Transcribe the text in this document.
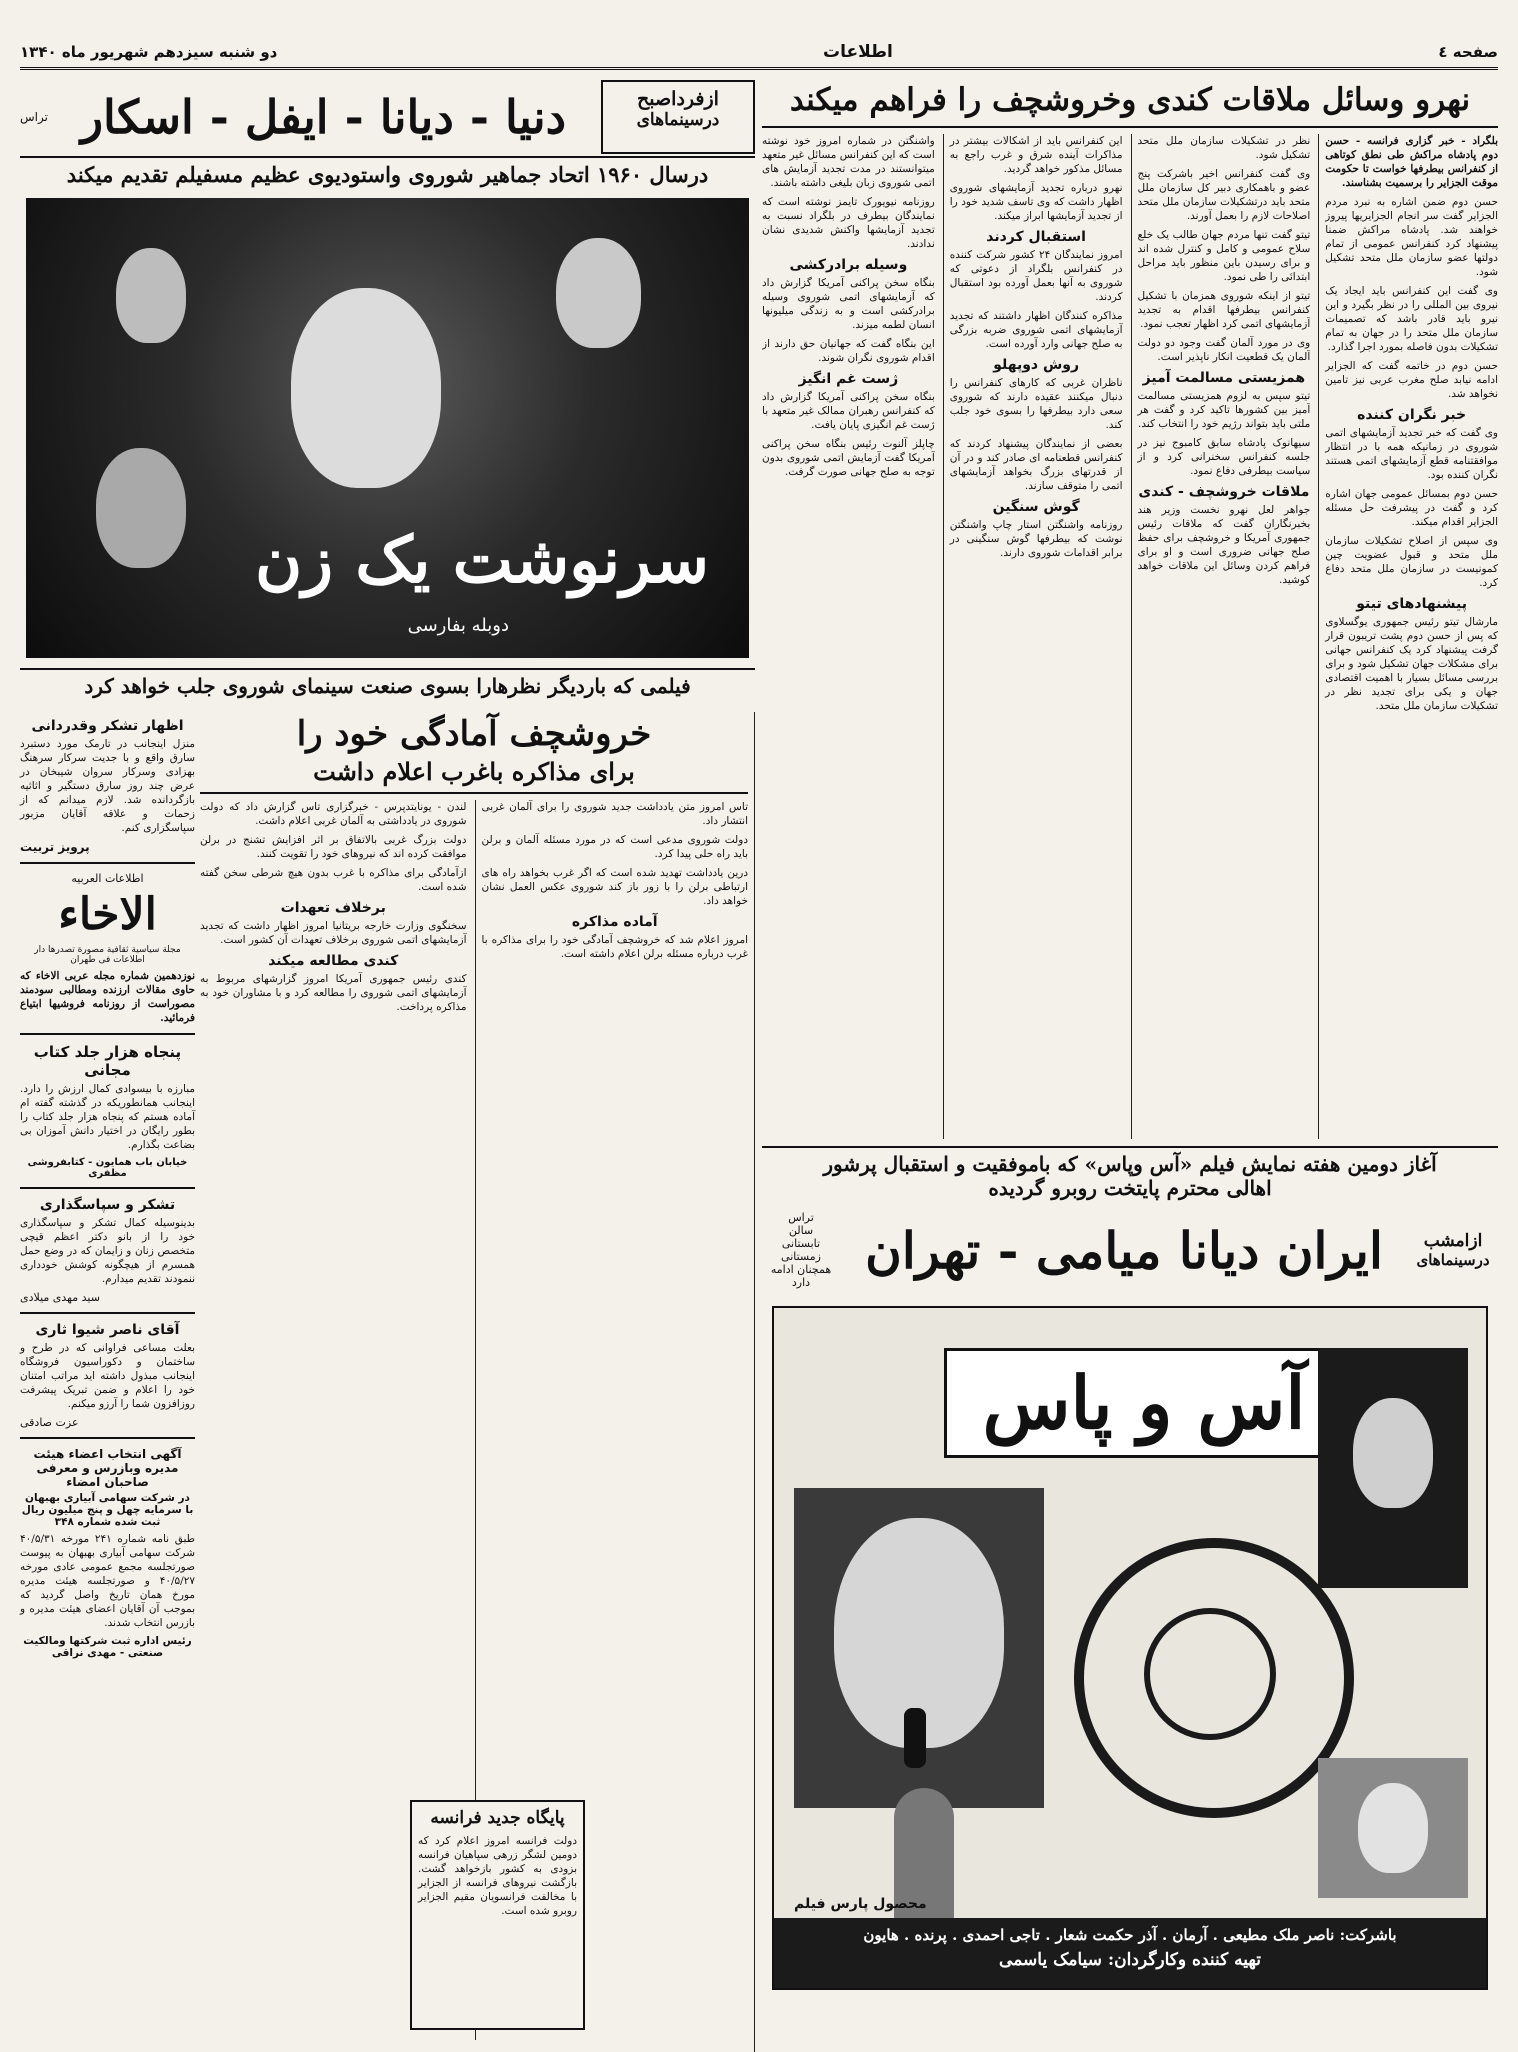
صفحه ٤
اطلاعات
دو شنبه سیزدهم شهریور ماه ۱۳۴۰
نهرو وسائل ملاقات کندی وخروشچف را فراهم میکند

بلگراد - خبر گزاری فرانسه - حسن دوم پادشاه مراکش طی نطق کوتاهی از کنفرانس بیطرفها خواست تا حکومت موقت الجزایر را برسمیت بشناسند.

حسن دوم ضمن اشاره به نبرد مردم الجزایر گفت سر انجام الجزایریها پیروز خواهند شد. پادشاه مراکش ضمنا پیشنهاد کرد کنفرانس عمومی از تمام دولتها عضو سازمان ملل متحد تشکیل شود.

وی گفت این کنفرانس باید ایجاد یک نیروی بین المللی را در نظر بگیرد و این نیرو باید قادر باشد که تصمیمات سازمان ملل متحد را در جهان به تمام تشکیلات بدون فاصله بمورد اجرا گذارد.

حسن دوم در خاتمه گفت که الجزایر ادامه نیابد صلح مغرب عربی نیز تامین نخواهد شد.

خبر نگران کننده

وی گفت که خبر تجدید آزمایشهای اتمی شوروی در زمانیکه همه با در انتظار موافقتنامه قطع آزمایشهای اتمی هستند نگران کننده بود.

حسن دوم بمسائل عمومی جهان اشاره کرد و گفت در پیشرفت حل مسئله الجزایر اقدام میکند.

وی سپس از اصلاح تشکیلات سازمان ملل متحد و قبول عضویت چین کمونیست در سازمان ملل متحد دفاع کرد.

پیشنهادهای تیتو

مارشال تیتو رئیس جمهوری یوگسلاوی که پس از حسن دوم پشت تریبون قرار گرفت پیشنهاد کرد یک کنفرانس جهانی برای مشکلات جهان تشکیل شود و برای بررسی مسائل بسیار با اهمیت اقتصادی جهان و یکی برای تجدید نظر در تشکیلات سازمان ملل متحد.

نظر در تشکیلات سازمان ملل متحد تشکیل شود.

وی گفت کنفرانس اخیر باشرکت پنج عضو و باهمکاری دبیر کل سازمان ملل متحد باید درتشکیلات سازمان ملل متحد اصلاحات لازم را بعمل آورند.

تیتو گفت تنها مردم جهان طالب یک خلع سلاح عمومی و کامل و کنترل شده اند و برای رسیدن باین منظور باید مراحل ابتدائی را طی نمود.

تیتو از اینکه شوروی همزمان با تشکیل کنفرانس بیطرفها اقدام به تجدید آزمایشهای اتمی کرد اظهار تعجب نمود.

وی در مورد آلمان گفت وجود دو دولت آلمان یک قطعیت انکار ناپذیر است.

همزیستی مسالمت آمیز

تیتو سپس به لزوم همزیستی مسالمت آمیز بین کشورها تاکید کرد و گفت هر ملتی باید بتواند رژیم خود را انتخاب کند.

سیهانوک پادشاه سابق کامبوج نیز در جلسه کنفرانس سخنرانی کرد و از سیاست بیطرفی دفاع نمود.

ملاقات خروشچف - کندی

جواهر لعل نهرو نخست وزیر هند بخبرنگاران گفت که ملاقات رئیس جمهوری آمریکا و خروشچف برای حفظ صلح جهانی ضروری است و او برای فراهم کردن وسائل این ملاقات خواهد کوشید.

این کنفرانس باید از اشکالات بیشتر در مذاکرات آینده شرق و غرب راجع به مسائل مذکور خواهد گردید.

نهرو درباره تجدید آزمایشهای شوروی اظهار داشت که وی تاسف شدید خود را از تجدید آزمایشها ابراز میکند.

استقبال کردند

امروز نمایندگان ۲۴ کشور شرکت کننده در کنفرانس بلگراد از دعوتی که شوروی به آنها بعمل آورده بود استقبال کردند.

مذاکره کنندگان اظهار داشتند که تجدید آزمایشهای اتمی شوروی ضربه بزرگی به صلح جهانی وارد آورده است.

روش دوپهلو

ناظران غربی که کارهای کنفرانس را دنبال میکنند عقیده دارند که شوروی سعی دارد بیطرفها را بسوی خود جلب کند.

بعضی از نمایندگان پیشنهاد کردند که کنفرانس قطعنامه ای صادر کند و در آن از قدرتهای بزرگ بخواهد آزمایشهای اتمی را متوقف سازند.

گوش سنگین

روزنامه واشنگتن استار چاپ واشنگتن نوشت که بیطرفها گوش سنگینی در برابر اقدامات شوروی دارند.

واشنگتن در شماره امروز خود نوشته است که این کنفرانس مسائل غیر متعهد میتوانستند در مدت تجدید آزمایش های اتمی شوروی زبان بلیغی داشته باشند.

روزنامه نیویورک تایمز نوشته است که نمایندگان بیطرف در بلگراد نسبت به تجدید آزمایشها واکنش شدیدی نشان ندادند.

وسیله برادرکشی

بنگاه سخن پراکنی آمریکا گزارش داد که آزمایشهای اتمی شوروی وسیله برادرکشی است و به زندگی میلیونها انسان لطمه میزند.

این بنگاه گفت که جهانیان حق دارند از اقدام شوروی نگران شوند.

ژست غم انگیز

بنگاه سخن پراکنی آمریکا گزارش داد که کنفرانس رهبران ممالک غیر متعهد با ژست غم انگیزی پایان یافت.

چاپلز آلنوت رئیس بنگاه سخن پراکنی آمریکا گفت آزمایش اتمی شوروی بدون توجه به صلح جهانی صورت گرفت.

ازفرداصبح
درسینماهای
دنیا - دیانا - ایفل - اسکار
تراس
درسال ۱۹۶۰ اتحاد جماهیر شوروی واستودیوی عظیم مسفیلم تقدیم میکند
سرنوشت یک زن
دوبله بفارسی
فیلمی که باردیگر نظرهارا بسوی صنعت سینمای شوروی جلب خواهد کرد
خروشچف آمادگی خود را
برای مذاکره باغرب اعلام داشت

تاس امروز متن یادداشت جدید شوروی را برای آلمان غربی انتشار داد.

دولت شوروی مدعی است که در مورد مسئله آلمان و برلن باید راه حلی پیدا کرد.

درین یادداشت تهدید شده است که اگر غرب بخواهد راه های ارتباطی برلن را با زور باز کند شوروی عکس العمل نشان خواهد داد.

آماده مذاکره

امروز اعلام شد که خروشچف آمادگی خود را برای مذاکره با غرب درباره مسئله برلن اعلام داشته است.

لندن - یونایتدپرس - خبرگزاری تاس گزارش داد که دولت شوروی در یادداشتی به آلمان غربی اعلام داشت.

دولت بزرگ غربی بالاتفاق بر اثر افزایش تشنج در برلن موافقت کرده اند که نیروهای خود را تقویت کنند.

ازآمادگی برای مذاکره با غرب بدون هیچ شرطی سخن گفته شده است.

برخلاف تعهدات

سخنگوی وزارت خارجه بریتانیا امروز اظهار داشت که تجدید آزمایشهای اتمی شوروی برخلاف تعهدات آن کشور است.

کندی مطالعه میکند

کندی رئیس جمهوری آمریکا امروز گزارشهای مربوط به آزمایشهای اتمی شوروی را مطالعه کرد و با مشاوران خود به مذاکره پرداخت.

پایگاه جدید فرانسه

دولت فرانسه امروز اعلام کرد که دومین لشگر زرهی سپاهیان فرانسه بزودی به کشور بازخواهد گشت. بازگشت نیروهای فرانسه از الجزایر با مخالفت فرانسویان مقیم الجزایر روبرو شده است.

اظهار تشکر وقدردانی

منزل اینجانب در تارمک مورد دستبرد سارق واقع و با جدیت سرکار سرهنگ بهزادی وسرکار سروان شیبخان در عرض چند روز سارق دستگیر و اثاثیه بازگردانده شد. لازم میدانم که از زحمات و علاقه آقایان مزبور سپاسگزاری کنم.

پرویز تربیت
اطلاعات العربیه
الاخاء
مجلة سیاسیة ثقافیة مصورة تصدرها دار اطلاعات فی طهران

نوزدهمین شماره مجله عربی الاخاء که حاوی مقالات ارزنده ومطالبی سودمند مصوراست از روزنامه فروشیها ابتیاع فرمائید.

پنجاه هزار جلد کتاب مجانی

مبارزه با بیسوادی کمال ارزش را دارد. اینجانب همانطوریکه در گذشته گفته ام آماده هستم که پنجاه هزار جلد کتاب را بطور رایگان در اختیار دانش آموزان بی بضاعت بگذارم.

خیابان باب همایون - کتابفروشی مظفری
تشکر و سپاسگذاری

بدینوسیله کمال تشکر و سپاسگذاری خود را از بانو دکتر اعظم قیچی متخصص زنان و زایمان که در وضع حمل همسرم از هیچگونه کوشش خودداری ننمودند تقدیم میدارم.

سید مهدی میلادی
آقای ناصر شیوا ثاری

بعلت مساعی فراوانی که در طرح و ساختمان و دکوراسیون فروشگاه اینجانب مبذول داشته اید مراتب امتنان خود را اعلام و ضمن تبریک پیشرفت روزافزون شما را آرزو میکنم.

عزت صادقی
آگهی انتخاب اعضاء هیئت مدیره وبازرس و معرفی صاحبان امضاء
در شرکت سهامی آبیاری بهبهان با سرمایه چهل و پنج میلیون ریال ثبت شده شماره ۳۴۸

طبق نامه شماره ۲۴۱ مورخه ۴۰/۵/۳۱ شرکت سهامی آبیاری بهبهان به پیوست صورتجلسه مجمع عمومی عادی مورخه ۴۰/۵/۲۷ و صورتجلسه هیئت مدیره مورخ همان تاریخ واصل گردید که بموجب آن آقایان اعضای هیئت مدیره و بازرس انتخاب شدند.

رئیس اداره ثبت شرکتها ومالکیت صنعتی - مهدی نراقی
آغاز دومین هفته نمایش فیلم «آس وپاس» که باموفقیت و استقبال پرشور
اهالی محترم پایتخت روبرو گردیده
ازامشب
درسینماهای
ایران دیانا میامی - تهران
تراس
سالن
تابستانی
زمستانی
همچنان ادامه دارد
آس و پاس
باشرکت: ناصر ملک مطیعی . آرمان . آذر حکمت شعار . تاجی احمدی . پرنده . هایون
تهیه کننده وکارگردان: سیامک یاسمی
محصول پارس فیلم
